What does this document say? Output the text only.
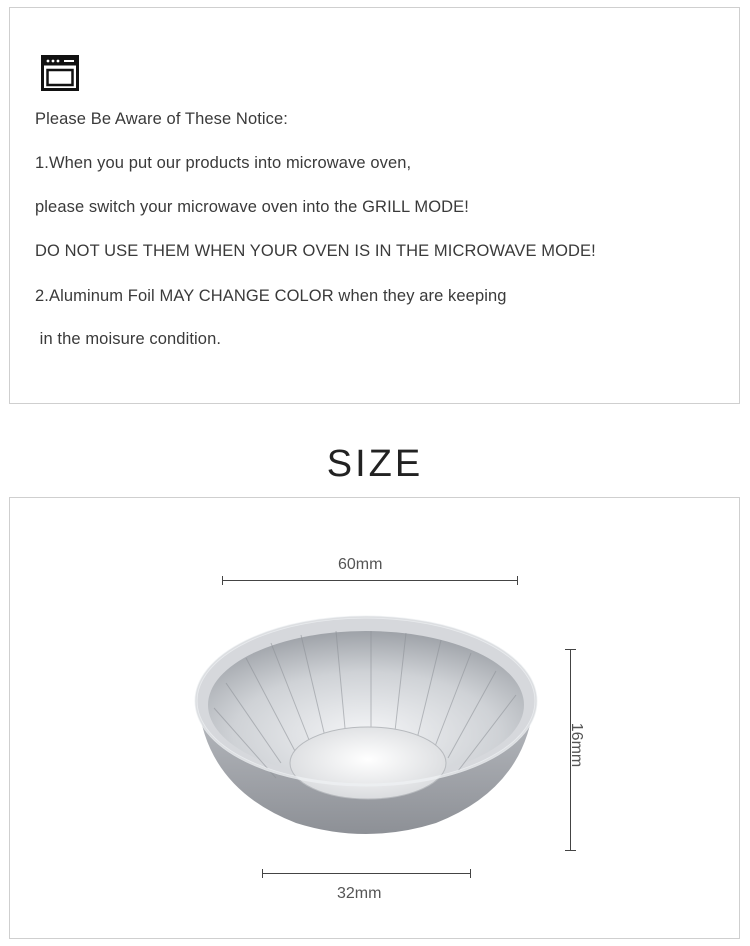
Please Be Aware of These Notice:
1.When you put our products into microwave oven,
please switch your microwave oven into the GRILL MODE!
DO NOT USE THEM WHEN YOUR OVEN IS IN THE MICROWAVE MODE!
2.Aluminum Foil MAY CHANGE COLOR when they are keeping
in the moisure condition.
SIZE
60mm
16mm
32mm
